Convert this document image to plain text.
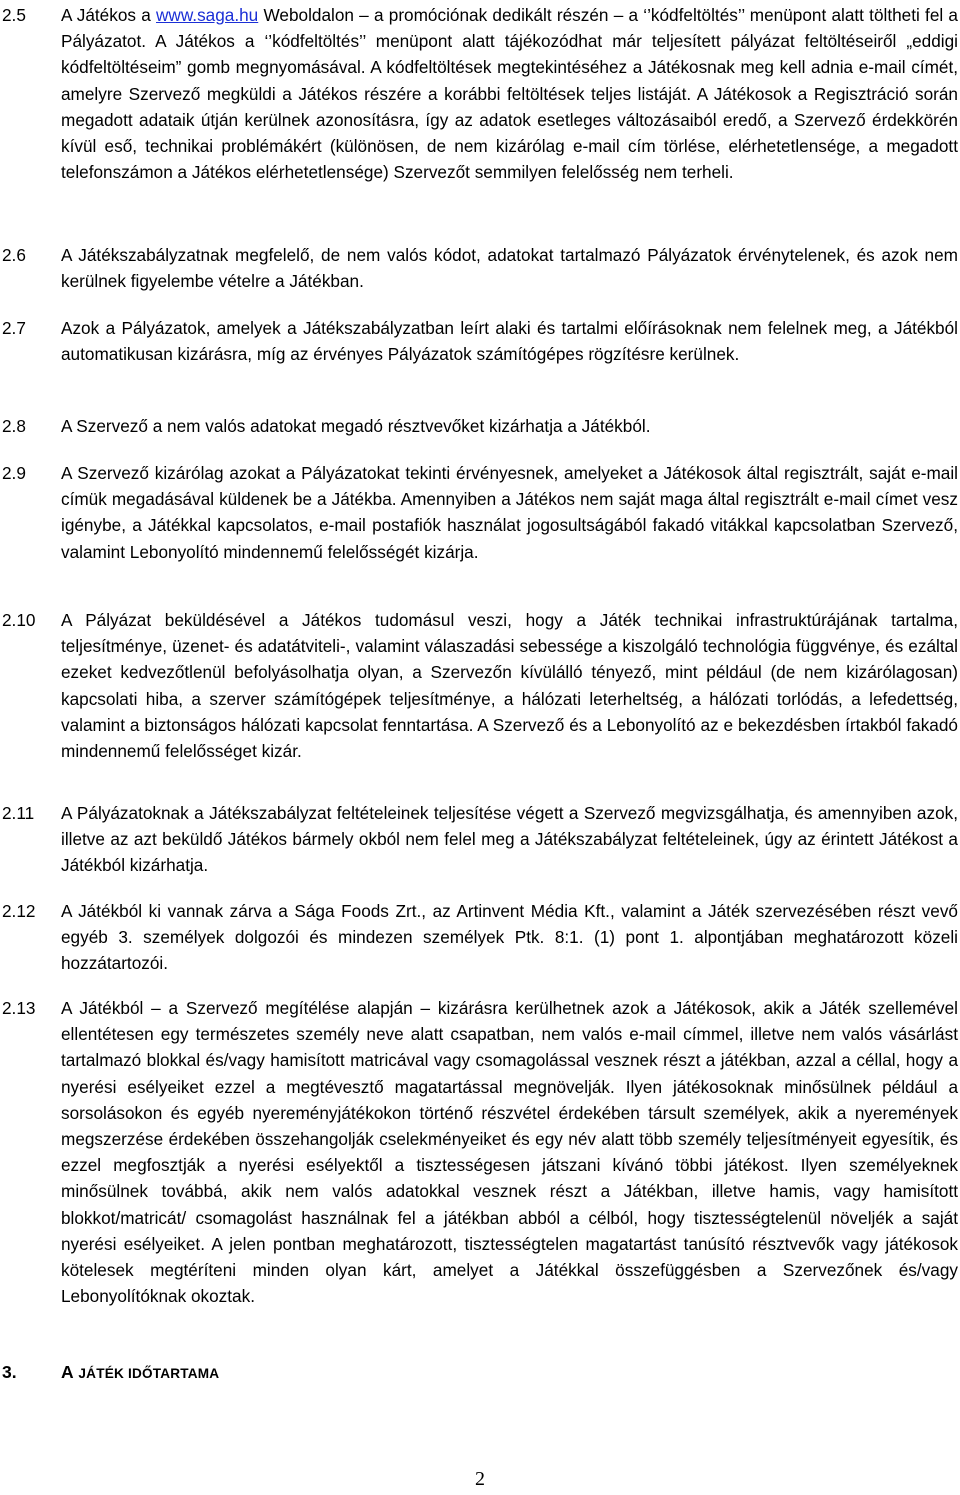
2.5 A Játékos a www.saga.hu Weboldalon – a promóciónak dedikált részén – a ‘’kódfeltöltés’’ menüpont alatt töltheti fel a Pályázatot. A Játékos a ‘’kódfeltöltés’’ menüpont alatt tájékozódhat már teljesített pályázat feltöltéseiről „eddigi kódfeltöltéseim” gomb megnyomásával. A kódfeltöltések megtekintéséhez a Játékosnak meg kell adnia e-mail címét, amelyre Szervező megküldi a Játékos részére a korábbi feltöltések teljes listáját. A Játékosok a Regisztráció során megadott adataik útján kerülnek azonosításra, így az adatok esetleges változásaiból eredő, a Szervező érdekkörén kívül eső, technikai problémákért (különösen, de nem kizárólag e-mail cím törlése, elérhetetlensége, a megadott telefonszámon a Játékos elérhetetlensége) Szervezőt semmilyen felelősség nem terheli.
2.6 A Játékszabályzatnak megfelelő, de nem valós kódot, adatokat tartalmazó Pályázatok érvénytelenek, és azok nem kerülnek figyelembe vételre a Játékban.
2.7 Azok a Pályázatok, amelyek a Játékszabályzatban leírt alaki és tartalmi előírásoknak nem felelnek meg, a Játékból automatikusan kizárásra, míg az érvényes Pályázatok számítógépes rögzítésre kerülnek.
2.8 A Szervező a nem valós adatokat megadó résztvevőket kizárhatja a Játékból.
2.9 A Szervező kizárólag azokat a Pályázatokat tekinti érvényesnek, amelyeket a Játékosok által regisztrált, saját e-mail címük megadásával küldenek be a Játékba. Amennyiben a Játékos nem saját maga által regisztrált e-mail címet vesz igénybe, a Játékkal kapcsolatos, e-mail postafiók használat jogosultságából fakadó vitákkal kapcsolatban Szervező, valamint Lebonyolító mindennemű felelősségét kizárja.
2.10 A Pályázat beküldésével a Játékos tudomásul veszi, hogy a Játék technikai infrastruktúrájának tartalma, teljesítménye, üzenet- és adatátviteli-, valamint válaszadási sebessége a kiszolgáló technológia függvénye, és ezáltal ezeket kedvezőtlenül befolyásolhatja olyan, a Szervezőn kívülálló tényező, mint például (de nem kizárólagosan) kapcsolati hiba, a szerver számítógépek teljesítménye, a hálózati leterheltség, a hálózati torlódás, a lefedettség, valamint a biztonságos hálózati kapcsolat fenntartása. A Szervező és a Lebonyolító az e bekezdésben írtakból fakadó mindennemű felelősséget kizár.
2.11 A Pályázatoknak a Játékszabályzat feltételeinek teljesítése végett a Szervező megvizsgálhatja, és amennyiben azok, illetve az azt beküldő Játékos bármely okból nem felel meg a Játékszabályzat feltételeinek, úgy az érintett Játékost a Játékból kizárhatja.
2.12 A Játékból ki vannak zárva a Sága Foods Zrt., az Artinvent Média Kft., valamint a Játék szervezésében részt vevő egyéb 3. személyek dolgozói és mindezen személyek Ptk. 8:1. (1) pont 1. alpontjában meghatározott közeli hozzátartozói.
2.13 A Játékból – a Szervező megítélése alapján – kizárásra kerülhetnek azok a Játékosok, akik a Játék szellemével ellentétesen egy természetes személy neve alatt csapatban, nem valós e-mail címmel, illetve nem valós vásárlást tartalmazó blokkal és/vagy hamisított matricával vagy csomagolással vesznek részt a játékban, azzal a céllal, hogy a nyerési esélyeiket ezzel a megtévesztő magatartással megnövelják. Ilyen játékosoknak minősülnek például a sorsolásokon és egyéb nyereményjátékokon történő részvétel érdekében társult személyek, akik a nyeremények megszerzése érdekében összehangolják cselekményeiket és egy név alatt több személy teljesítményeit egyesítik, és ezzel megfosztják a nyerési esélyektől a tisztességesen játszani kívánó többi játékost. Ilyen személyeknek minősülnek továbbá, akik nem valós adatokkal vesznek részt a Játékban, illetve hamis, vagy hamisított blokkot/matricát/ csomagolást használnak fel a játékban abból a célból, hogy tisztességtelenül növeljék a saját nyerési esélyeiket. A jelen pontban meghatározott, tisztességtelen magatartást tanúsító résztvevők vagy játékosok kötelesek megtéríteni minden olyan kárt, amelyet a Játékkal összefüggésben a Szervezőnek és/vagy Lebonyolítóknak okoztak.
3.	A JÁTÉK IDŐTARTAMA
2
